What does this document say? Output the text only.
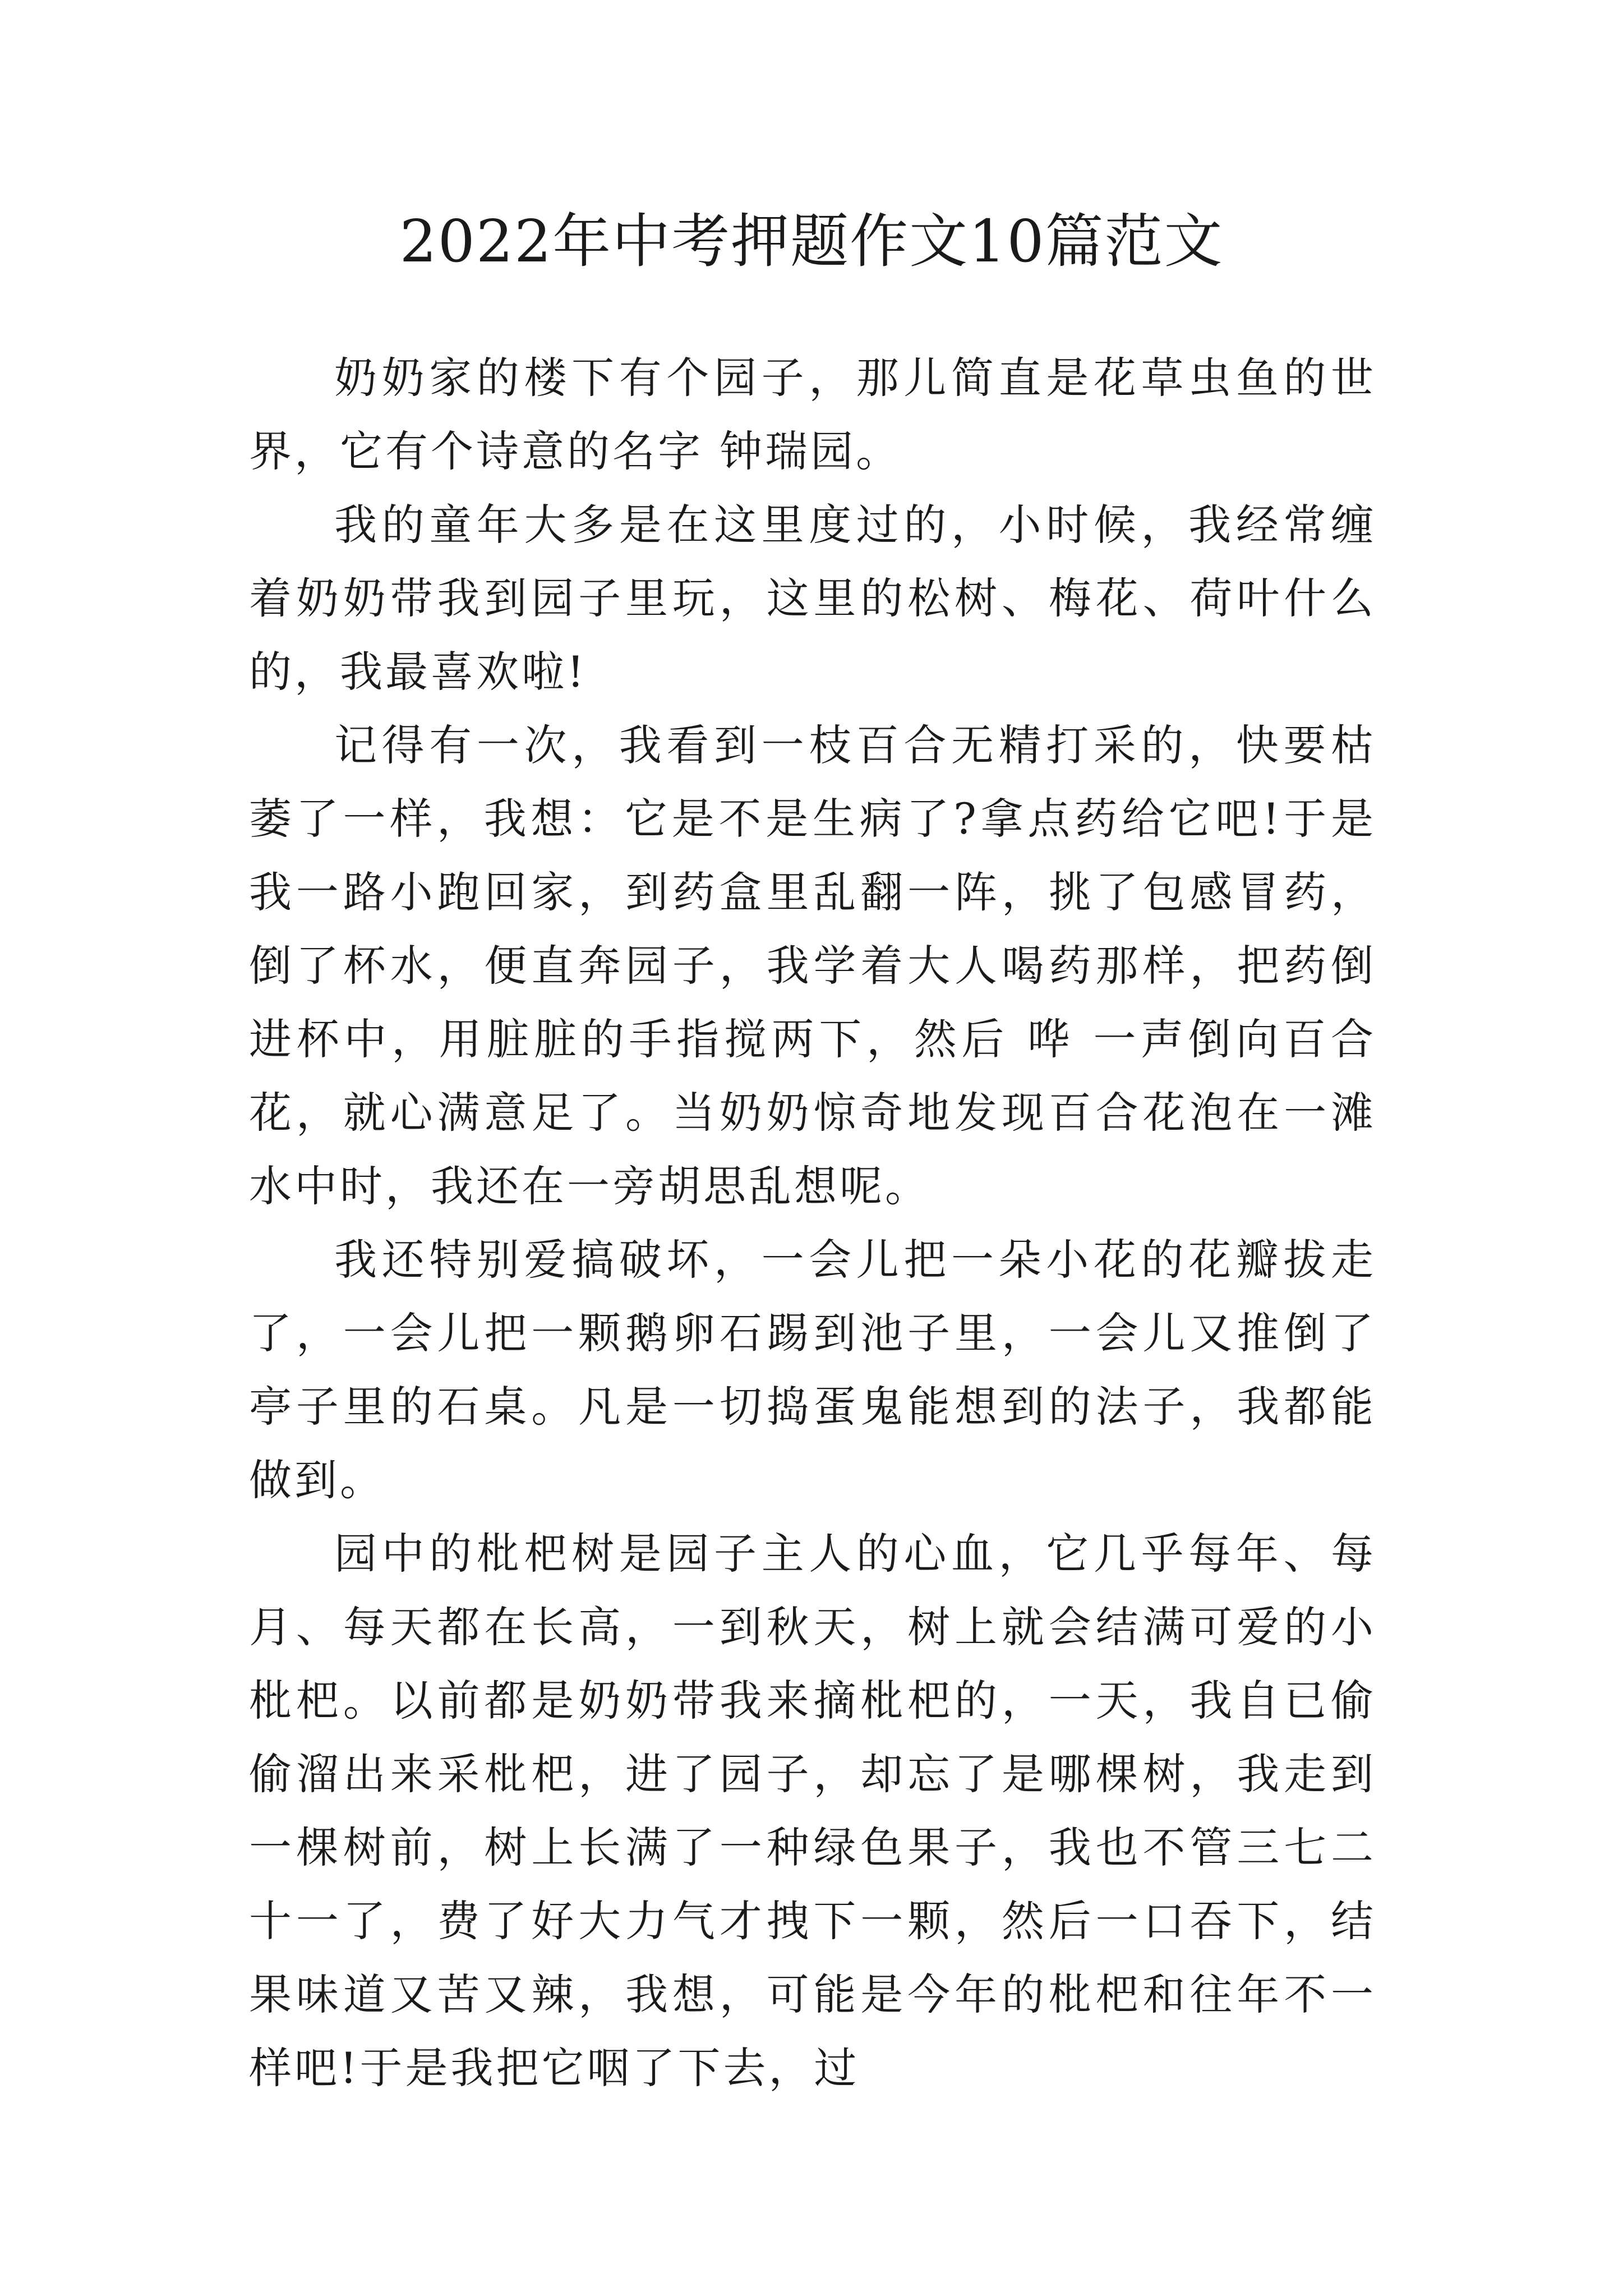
2022年中考押题作文10篇范文

奶奶家的楼下有个园子，那儿简直是花草虫鱼的世界，它有个诗意的名字 钟瑞园。

我的童年大多是在这里度过的，小时候，我经常缠着奶奶带我到园子里玩，这里的松树、梅花、荷叶什么的，我最喜欢啦!

记得有一次，我看到一枝百合无精打采的，快要枯萎了一样，我想：它是不是生病了?拿点药给它吧!于是我一路小跑回家，到药盒里乱翻一阵，挑了包感冒药，倒了杯水，便直奔园子，我学着大人喝药那样，把药倒进杯中，用脏脏的手指搅两下，然后 哗 一声倒向百合花，就心满意足了。当奶奶惊奇地发现百合花泡在一滩水中时，我还在一旁胡思乱想呢。

我还特别爱搞破坏，一会儿把一朵小花的花瓣拔走了，一会儿把一颗鹅卵石踢到池子里，一会儿又推倒了亭子里的石桌。凡是一切捣蛋鬼能想到的法子，我都能做到。

园中的枇杷树是园子主人的心血，它几乎每年、每月、每天都在长高，一到秋天，树上就会结满可爱的小枇杷。以前都是奶奶带我来摘枇杷的，一天，我自已偷偷溜出来采枇杷，进了园子，却忘了是哪棵树，我走到一棵树前，树上长满了一种绿色果子，我也不管三七二十一了，费了好大力气才拽下一颗，然后一口吞下，结果味道又苦又辣，我想，可能是今年的枇杷和往年不一样吧!于是我把它咽了下去，过
